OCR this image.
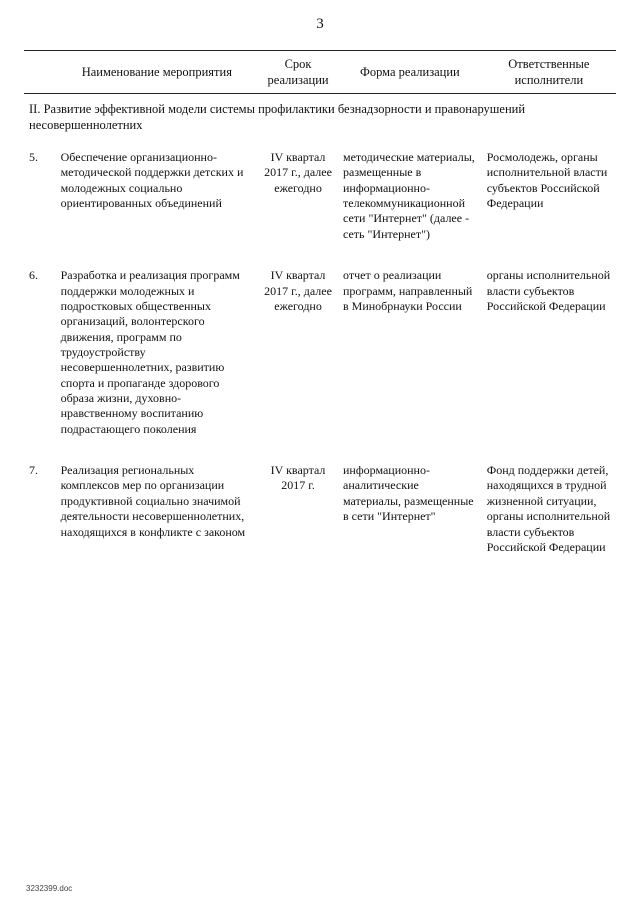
3
	Наименование мероприятия	Срок реализации	Форма реализации	Ответственные исполнители
II. Развитие эффективной модели системы профилактики безнадзорности и правонарушений несовершеннолетних				
5.	Обеспечение организационно-методической поддержки детских и молодежных социально ориентированных объединений	IV квартал 2017 г., далее ежегодно	методические материалы, размещенные в информационно-телекоммуникационной сети "Интернет" (далее - сеть "Интернет")	Росмолодежь, органы исполнительной власти субъектов Российской Федерации
6.	Разработка и реализация программ поддержки молодежных и подростковых общественных организаций, волонтерского движения, программ по трудоустройству несовершеннолетних, развитию спорта и пропаганде здорового образа жизни, духовно-нравственному воспитанию подрастающего поколения	IV квартал 2017 г., далее ежегодно	отчет о реализации программ, направленный в Минобрнауки России	органы исполнительной власти субъектов Российской Федерации
7.	Реализация региональных комплексов мер по организации продуктивной социально значимой деятельности несовершеннолетних, находящихся в конфликте с законом	IV квартал 2017 г.	информационно-аналитические материалы, размещенные в сети "Интернет"	Фонд поддержки детей, находящихся в трудной жизненной ситуации, органы исполнительной власти субъектов Российской Федерации
3232399.doc
